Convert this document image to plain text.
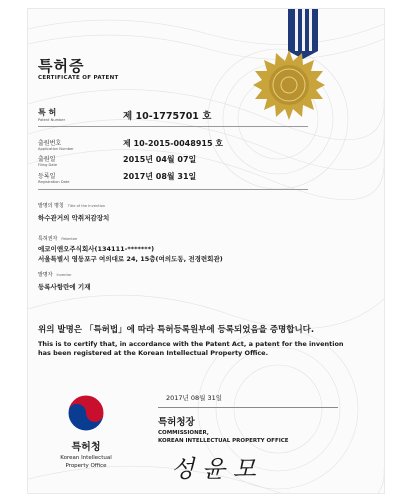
특허증
CERTIFICATE OF PATENT
특 허
Patent Number	제 10-1775701 호
출원번호
Application Number
제 10-2015-0048915 호
출원일
Filing Date
2015년 04월 07일
등록일
Registration Date
2017년 08월 31일
발명의 명칭 Title of the Invention
하수관거의 악취저감장치
특허권자 Patentee
에코이앤오주식회사(134111-*******)
서울특별시 영등포구 여의대로 24, 15층(여의도동, 전경련회관)
발명자 Inventor
등록사항란에 기재
위의 발명은 「특허법」에 따라 특허등록원부에 등록되었음을 증명합니다.
This is to certify that, in accordance with the Patent Act, a patent for the invention has been registered at the Korean Intellectual Property Office.
2017년 08월 31일
특허청장
COMMISSIONER,
KOREAN INTELLECTUAL PROPERTY OFFICE
성 윤 모
특허청
Korean Intellectual
Property Office
